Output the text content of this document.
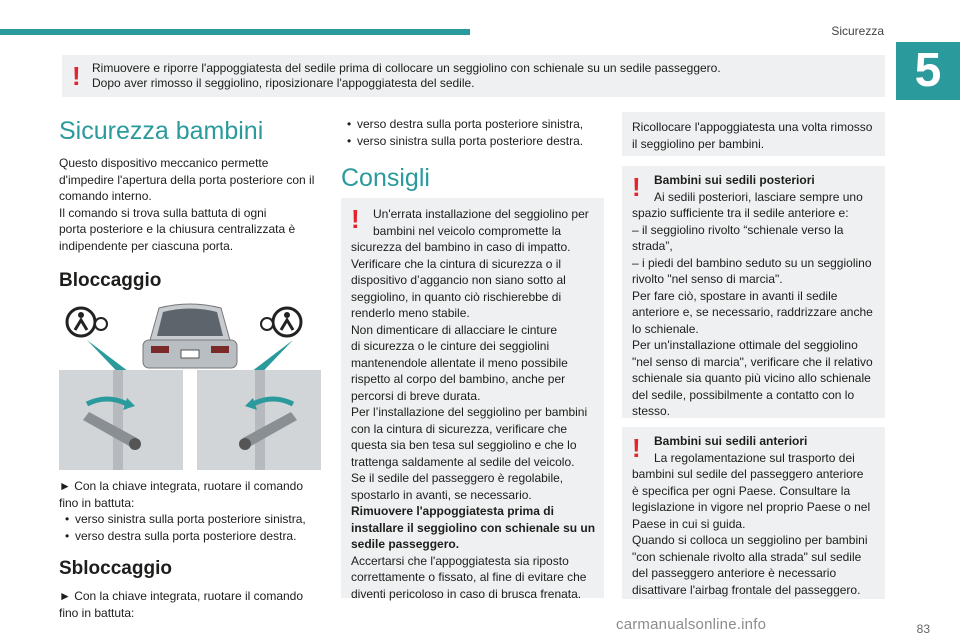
Sicurezza
5
! Rimuovere e riporre l'appoggiatesta del sedile prima di collocare un seggiolino con schienale su un sedile passeggero.
Dopo aver rimosso il seggiolino, riposizionare l'appoggiatesta del sedile.
Sicurezza bambini
Questo dispositivo meccanico permette
d'impedire l'apertura della porta posteriore con il
comando interno.
Il comando si trova sulla battuta di ogni
porta posteriore e la chiusura centralizzata è
indipendente per ciascuna porta.
Bloccaggio
► Con la chiave integrata, ruotare il comando
fino in battuta:
• verso sinistra sulla porta posteriore sinistra,
• verso destra sulla porta posteriore destra.
Sbloccaggio
► Con la chiave integrata, ruotare il comando
fino in battuta:
• verso destra sulla porta posteriore sinistra,
• verso sinistra sulla porta posteriore destra.
Consigli
!	Un'errata installazione del seggiolino per
bambini nel veicolo compromette la
sicurezza del bambino in caso di impatto.
Verificare che la cintura di sicurezza o il
dispositivo d’aggancio non siano sotto al
seggiolino, in quanto ciò rischierebbe di
renderlo meno stabile.
Non dimenticare di allacciare le cinture
di sicurezza o le cinture dei seggiolini
mantenendole allentate il meno possibile
rispetto al corpo del bambino, anche per
percorsi di breve durata.
Per l’installazione del seggiolino per bambini
con la cintura di sicurezza, verificare che
questa sia ben tesa sul seggiolino e che lo
trattenga saldamente al sedile del veicolo.
Se il sedile del passeggero è regolabile,
spostarlo in avanti, se necessario.
Rimuovere l'appoggiatesta prima di
installare il seggiolino con schienale su un
sedile passeggero.
Accertarsi che l'appoggiatesta sia riposto
correttamente o fissato, al fine di evitare che
diventi pericoloso in caso di brusca frenata.
Ricollocare l'appoggiatesta una volta rimosso
il seggiolino per bambini.
!	Bambini sui sedili posteriori
Ai sedili posteriori, lasciare sempre uno
spazio sufficiente tra il sedile anteriore e:
– il seggiolino rivolto “schienale verso la
strada”,
– i piedi del bambino seduto su un seggiolino
rivolto "nel senso di marcia".
Per fare ciò, spostare in avanti il sedile
anteriore e, se necessario, raddrizzare anche
lo schienale.
Per un'installazione ottimale del seggiolino
"nel senso di marcia", verificare che il relativo
schienale sia quanto più vicino allo schienale
del sedile, possibilmente a contatto con lo
stesso.
!	Bambini sui sedili anteriori
La regolamentazione sul trasporto dei
bambini sul sedile del passeggero anteriore
è specifica per ogni Paese. Consultare la
legislazione in vigore nel proprio Paese o nel
Paese in cui si guida.
Quando si colloca un seggiolino per bambini
"con schienale rivolto alla strada" sul sedile
del passeggero anteriore è necessario
disattivare l'airbag frontale del passeggero.
carmanualsonline.info	83
